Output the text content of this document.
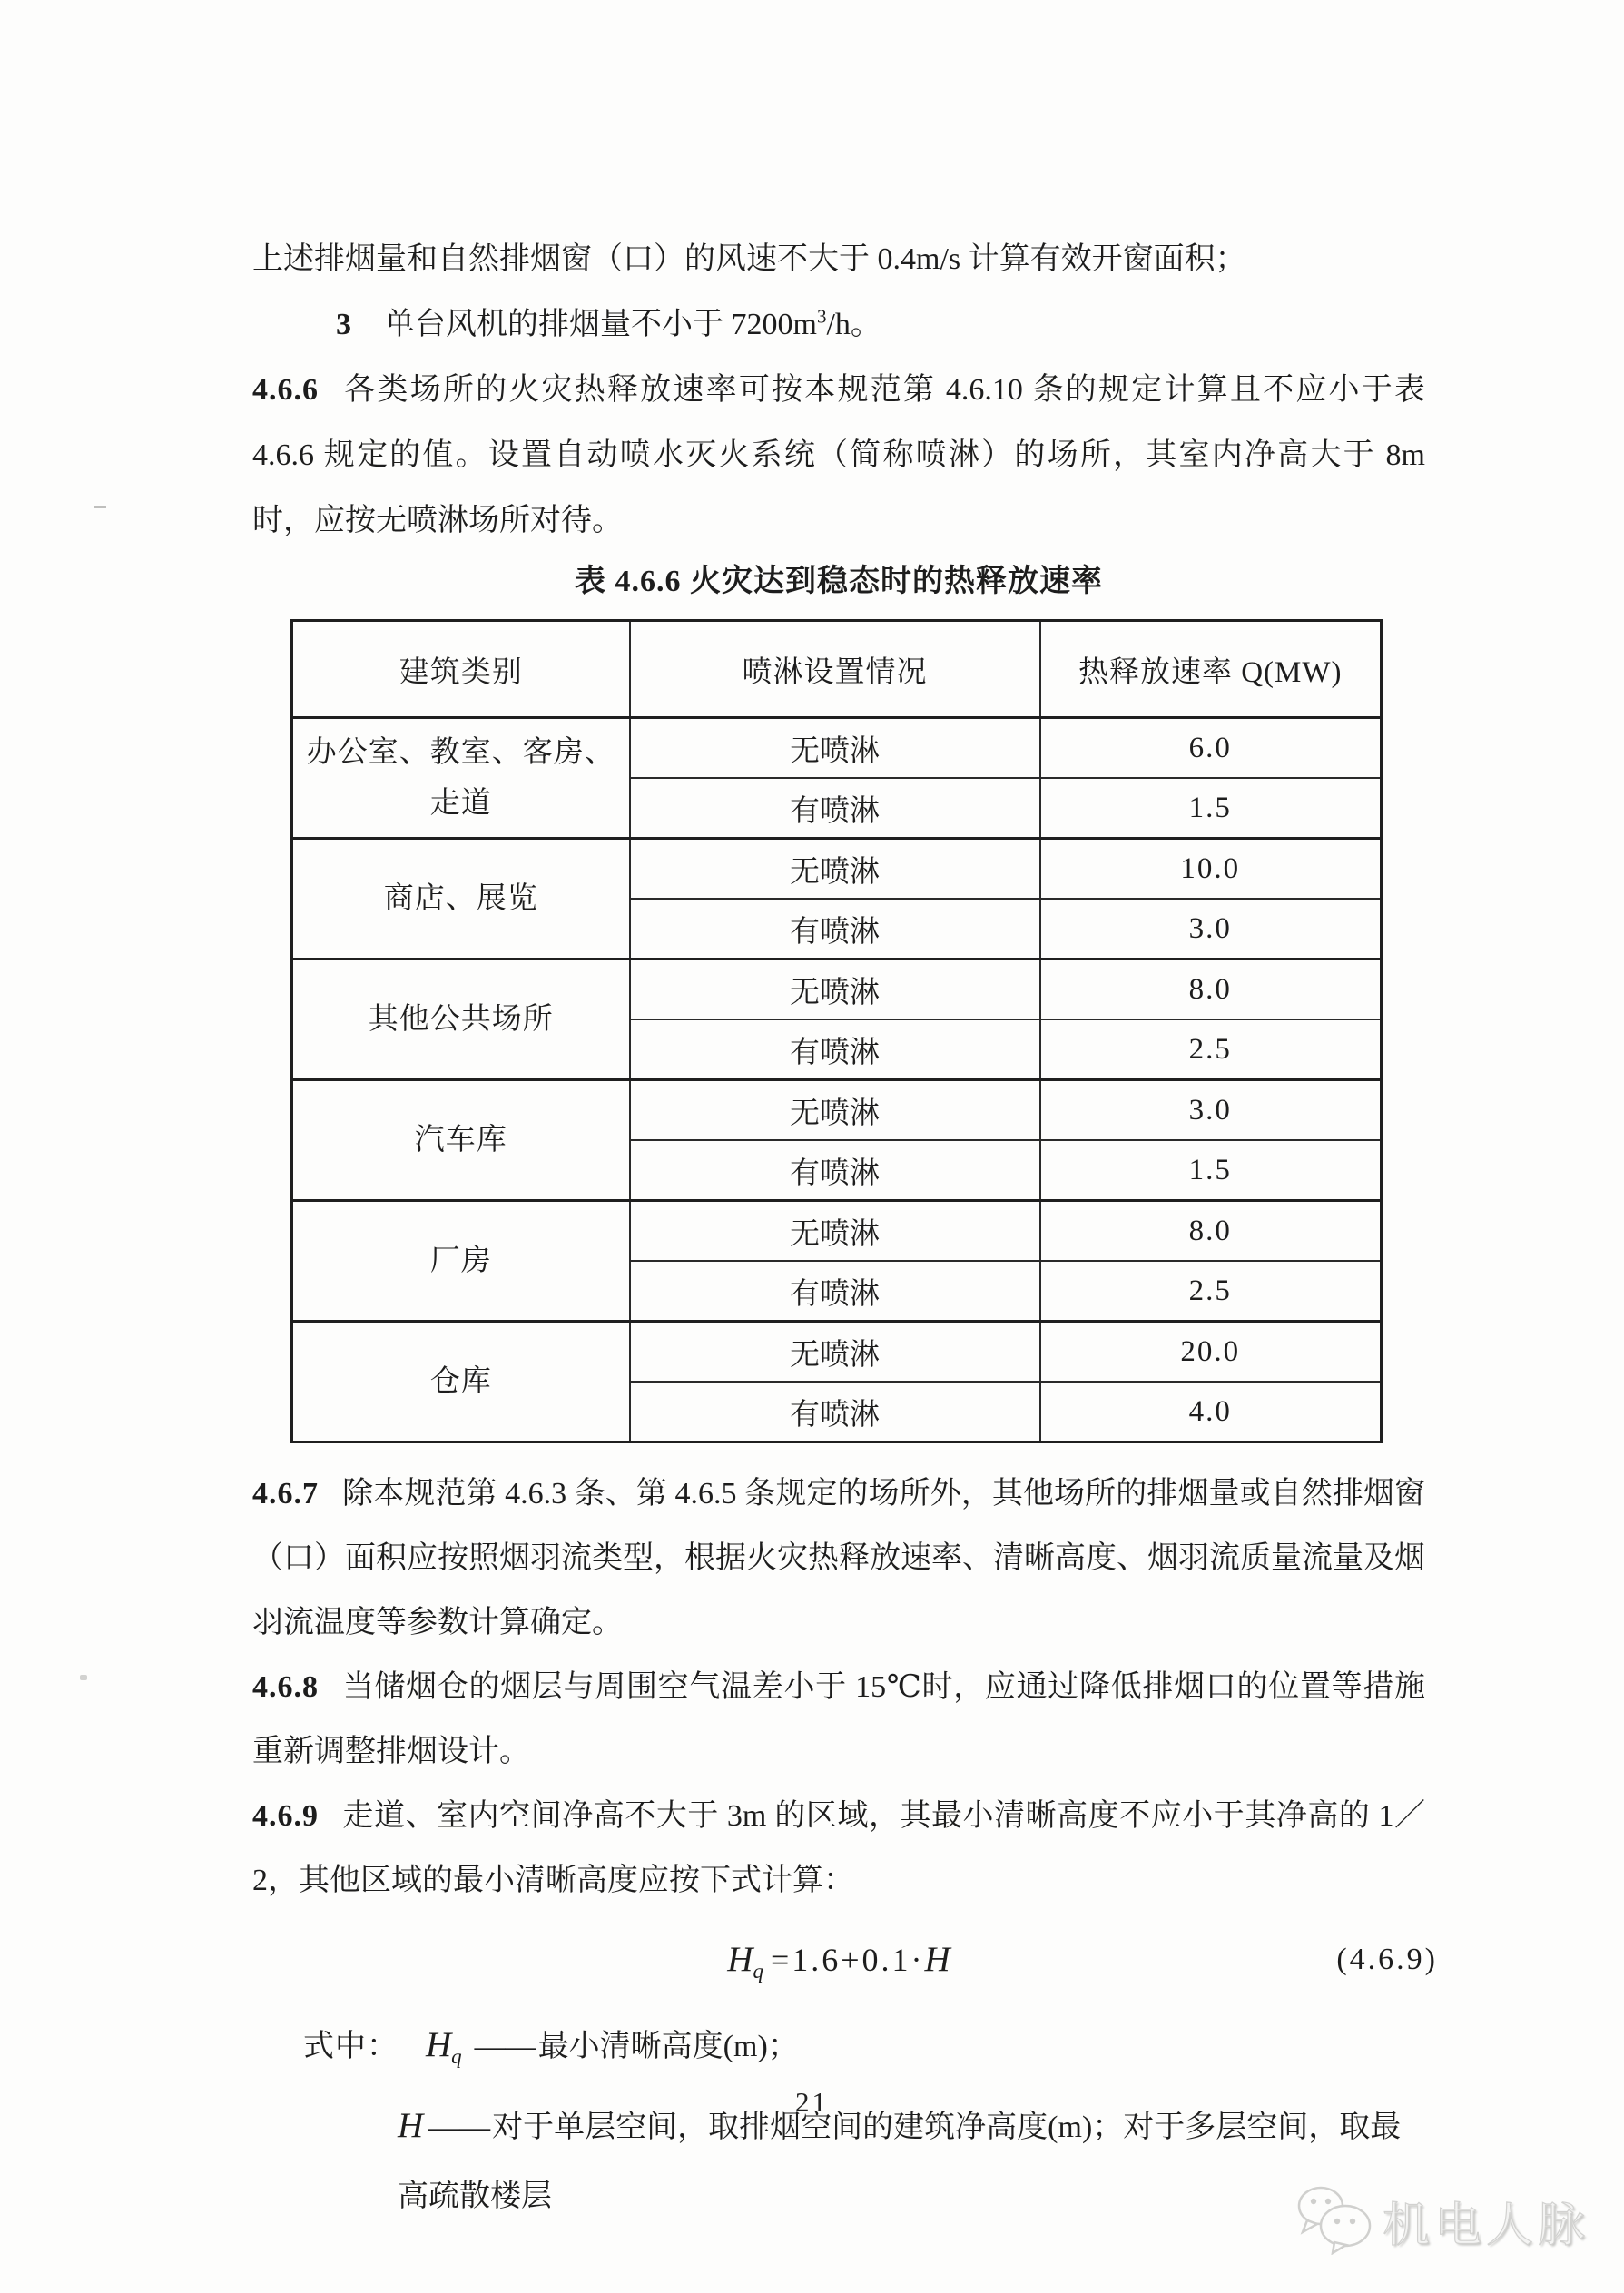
上述排烟量和自然排烟窗（口）的风速不大于 0.4m/s 计算有效开窗面积；

3 单台风机的排烟量不小于 $7200m^3/h$。

4.6.6 各类场所的火灾热释放速率可按本规范第 4.6.10 条的规定计算且不应小于表 4.6.6 规定的值。设置自动喷水灭火系统（简称喷淋）的场所，其室内净高大于 8m 时，应按无喷淋场所对待。

表 4.6.6 火灾达到稳态时的热释放速率
建筑类别	喷淋设置情况	热释放速率 Q(MW)
办公室、教室、客房、走道	无喷淋	6.0
	有喷淋	1.5
商店、展览	无喷淋	10.0
	有喷淋	3.0
其他公共场所	无喷淋	8.0
	有喷淋	2.5
汽车库	无喷淋	3.0
	有喷淋	1.5
厂房	无喷淋	8.0
	有喷淋	2.5
仓库	无喷淋	20.0
	有喷淋	4.0

4.6.7 除本规范第 4.6.3 条、第 4.6.5 条规定的场所外，其他场所的排烟量或自然排烟窗（口）面积应按照烟羽流类型，根据火灾热释放速率、清晰高度、烟羽流质量流量及烟羽流温度等参数计算确定。

4.6.8 当储烟仓的烟层与周围空气温差小于 15℃时，应通过降低排烟口的位置等措施重新调整排烟设计。

4.6.9 走道、室内空间净高不大于 3m 的区域，其最小清晰高度不应小于其净高的 1／2，其他区域的最小清晰高度应按下式计算：

$H_q =1.6+0.1\cdot H$	(4.6.9)

式中： $H_q$ ——最小清晰高度(m)；

H ——对于单层空间，取排烟空间的建筑净高度(m)；对于多层空间，取最高疏散楼层

21
机电人脉
